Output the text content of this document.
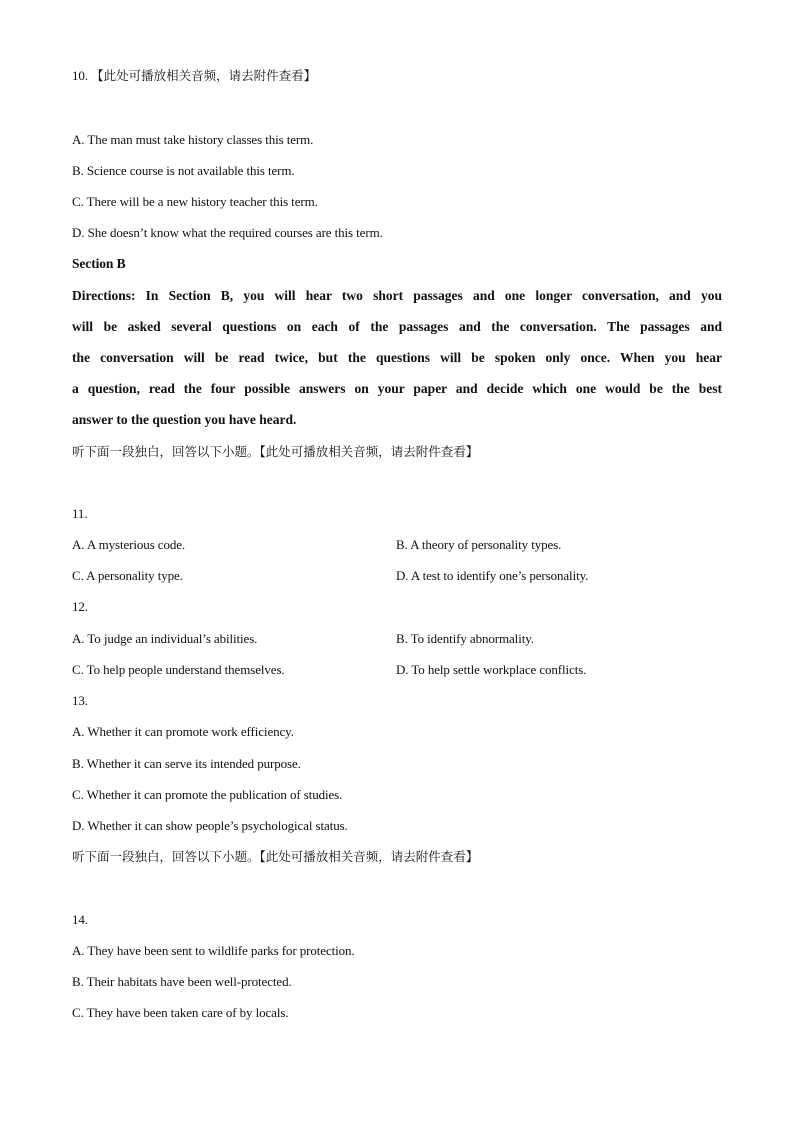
10. 【此处可播放相关音频，请去附件查看】
A. The man must take history classes this term.
B. Science course is not available this term.
C. There will be a new history teacher this term.
D. She doesn’t know what the required courses are this term.
Section B
Directions: In Section B, you will hear two short passages and one longer conversation, and you
will be asked several questions on each of the passages and the conversation. The passages and
the conversation will be read twice, but the questions will be spoken only once. When you hear
a question, read the four possible answers on your paper and decide which one would be the best
answer to the question you have heard.
听下面一段独白，回答以下小题。【此处可播放相关音频，请去附件查看】
11.
A. A mysterious code.	B. A theory of personality types.
C. A personality type.	D. A test to identify one’s personality.
12.
A. To judge an individual’s abilities.	B. To identify abnormality.
C. To help people understand themselves.	D. To help settle workplace conflicts.
13.
A. Whether it can promote work efficiency.
B. Whether it can serve its intended purpose.
C. Whether it can promote the publication of studies.
D. Whether it can show people’s psychological status.
听下面一段独白，回答以下小题。【此处可播放相关音频，请去附件查看】
14.
A. They have been sent to wildlife parks for protection.
B. Their habitats have been well-protected.
C. They have been taken care of by locals.
